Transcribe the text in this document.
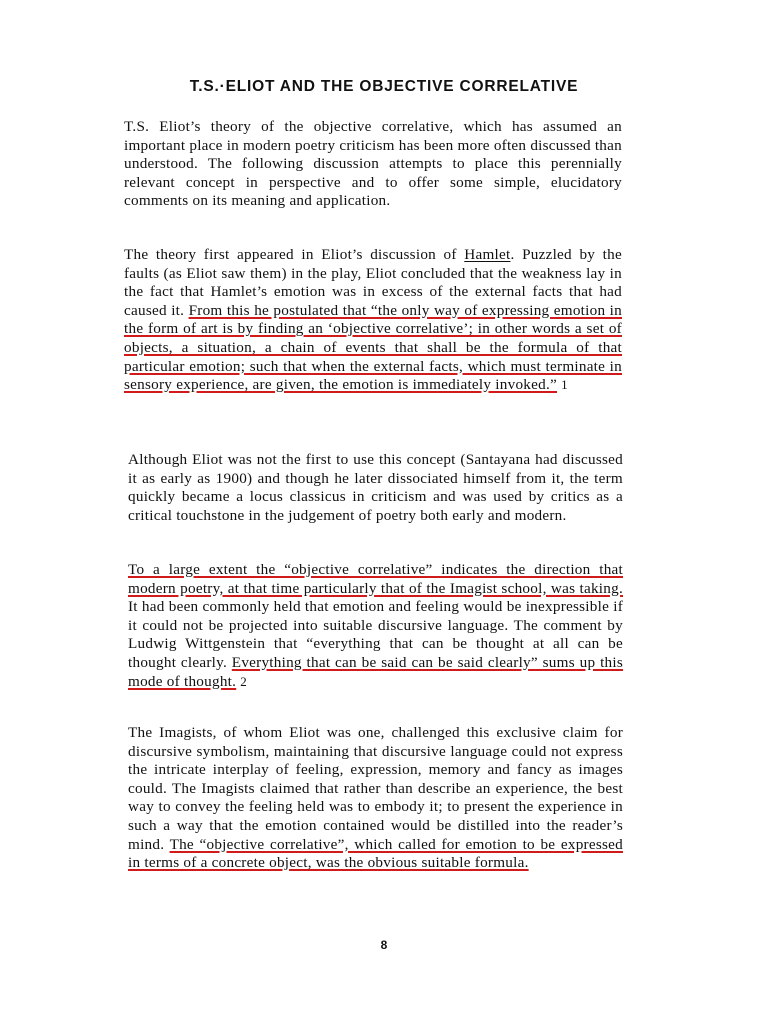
T.S.·ELIOT AND THE OBJECTIVE CORRELATIVE

T.S. Eliot’s theory of the objective correlative, which has assumed an important place in modern poetry criticism has been more often discussed than understood. The following discussion attempts to place this perennially relevant concept in perspective and to offer some simple, elucidatory comments on its meaning and application.

The theory first appeared in Eliot’s discussion of Hamlet. Puzzled by the faults (as Eliot saw them) in the play, Eliot concluded that the weakness lay in the fact that Hamlet’s emotion was in excess of the external facts that had caused it. From this he postulated that “the only way of expressing emotion in the form of art is by finding an ‘objective correlative’; in other words a set of objects, a situation, a chain of events that shall be the formula of that particular emotion; such that when the external facts, which must terminate in sensory experience, are given, the emotion is immediately invoked.” 1

Although Eliot was not the first to use this concept (Santayana had discussed it as early as 1900) and though he later dissociated himself from it, the term quickly became a locus classicus in criticism and was used by critics as a critical touchstone in the judgement of poetry both early and modern.

To a large extent the “objective correlative” indicates the direction that modern poetry, at that time particularly that of the Imagist school, was taking. It had been commonly held that emotion and feeling would be inexpressible if it could not be projected into suitable discursive language. The comment by Ludwig Wittgenstein that “everything that can be thought at all can be thought clearly. Everything that can be said can be said clearly” sums up this mode of thought. 2

The Imagists, of whom Eliot was one, challenged this exclusive claim for discursive symbolism, maintaining that discursive language could not express the intricate interplay of feeling, expression, memory and fancy as images could. The Imagists claimed that rather than describe an experience, the best way to convey the feeling held was to embody it; to present the experience in such a way that the emotion contained would be distilled into the reader’s mind. The “objective correlative”, which called for emotion to be expressed in terms of a concrete object, was the obvious suitable formula.

8
